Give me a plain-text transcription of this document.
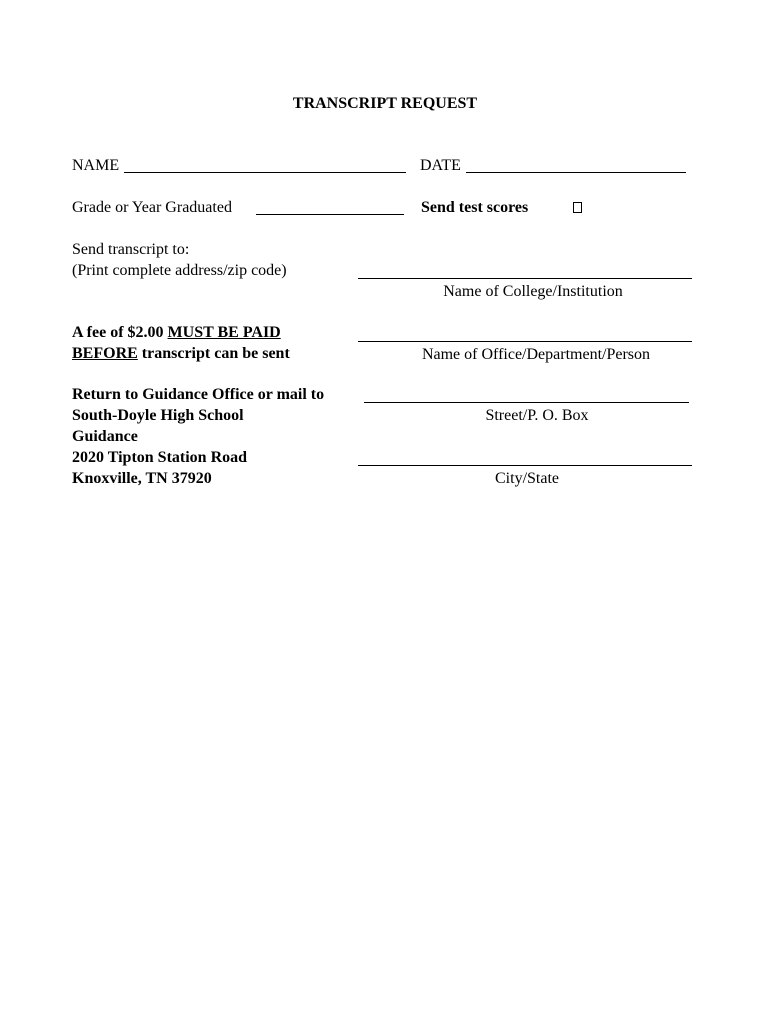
TRANSCRIPT REQUEST
NAME	DATE
Grade or Year Graduated	Send test scores
Send transcript to:
(Print complete address/zip code)
Name of College/Institution
A fee of $2.00 MUST BE PAID
BEFORE transcript can be sent	Name of Office/Department/Person
Return to Guidance Office or mail to
South-Doyle High School
Guidance
2020 Tipton Station Road
Knoxville, TN 37920
Street/P. O. Box
City/State
